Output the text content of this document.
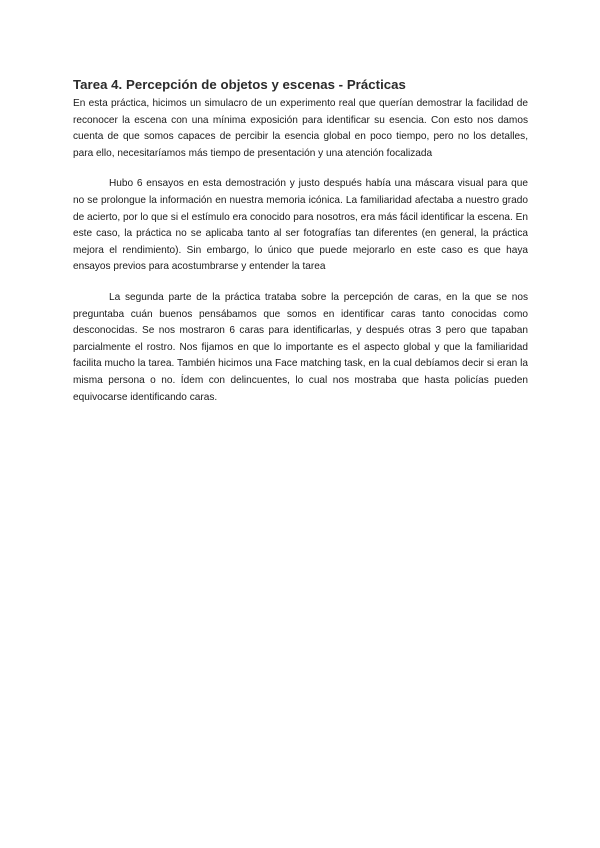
Tarea 4. Percepción de objetos y escenas - Prácticas

En esta práctica, hicimos un simulacro de un experimento real que querían demostrar la facilidad de reconocer la escena con una mínima exposición para identificar su esencia. Con esto nos damos cuenta de que somos capaces de percibir la esencia global en poco tiempo, pero no los detalles, para ello, necesitaríamos más tiempo de presentación y una atención focalizada

Hubo 6 ensayos en esta demostración y justo después había una máscara visual para que no se prolongue la información en nuestra memoria icónica. La familiaridad afectaba a nuestro grado de acierto, por lo que si el estímulo era conocido para nosotros, era más fácil identificar la escena. En este caso, la práctica no se aplicaba tanto al ser fotografías tan diferentes (en general, la práctica mejora el rendimiento). Sin embargo, lo único que puede mejorarlo en este caso es que haya ensayos previos para acostumbrarse y entender la tarea

La segunda parte de la práctica trataba sobre la percepción de caras, en la que se nos preguntaba cuán buenos pensábamos que somos en identificar caras tanto conocidas como desconocidas. Se nos mostraron 6 caras para identificarlas, y después otras 3 pero que tapaban parcialmente el rostro. Nos fijamos en que lo importante es el aspecto global y que la familiaridad facilita mucho la tarea. También hicimos una Face matching task, en la cual debíamos decir si eran la misma persona o no. Ídem con delincuentes, lo cual nos mostraba que hasta policías pueden equivocarse identificando caras.
